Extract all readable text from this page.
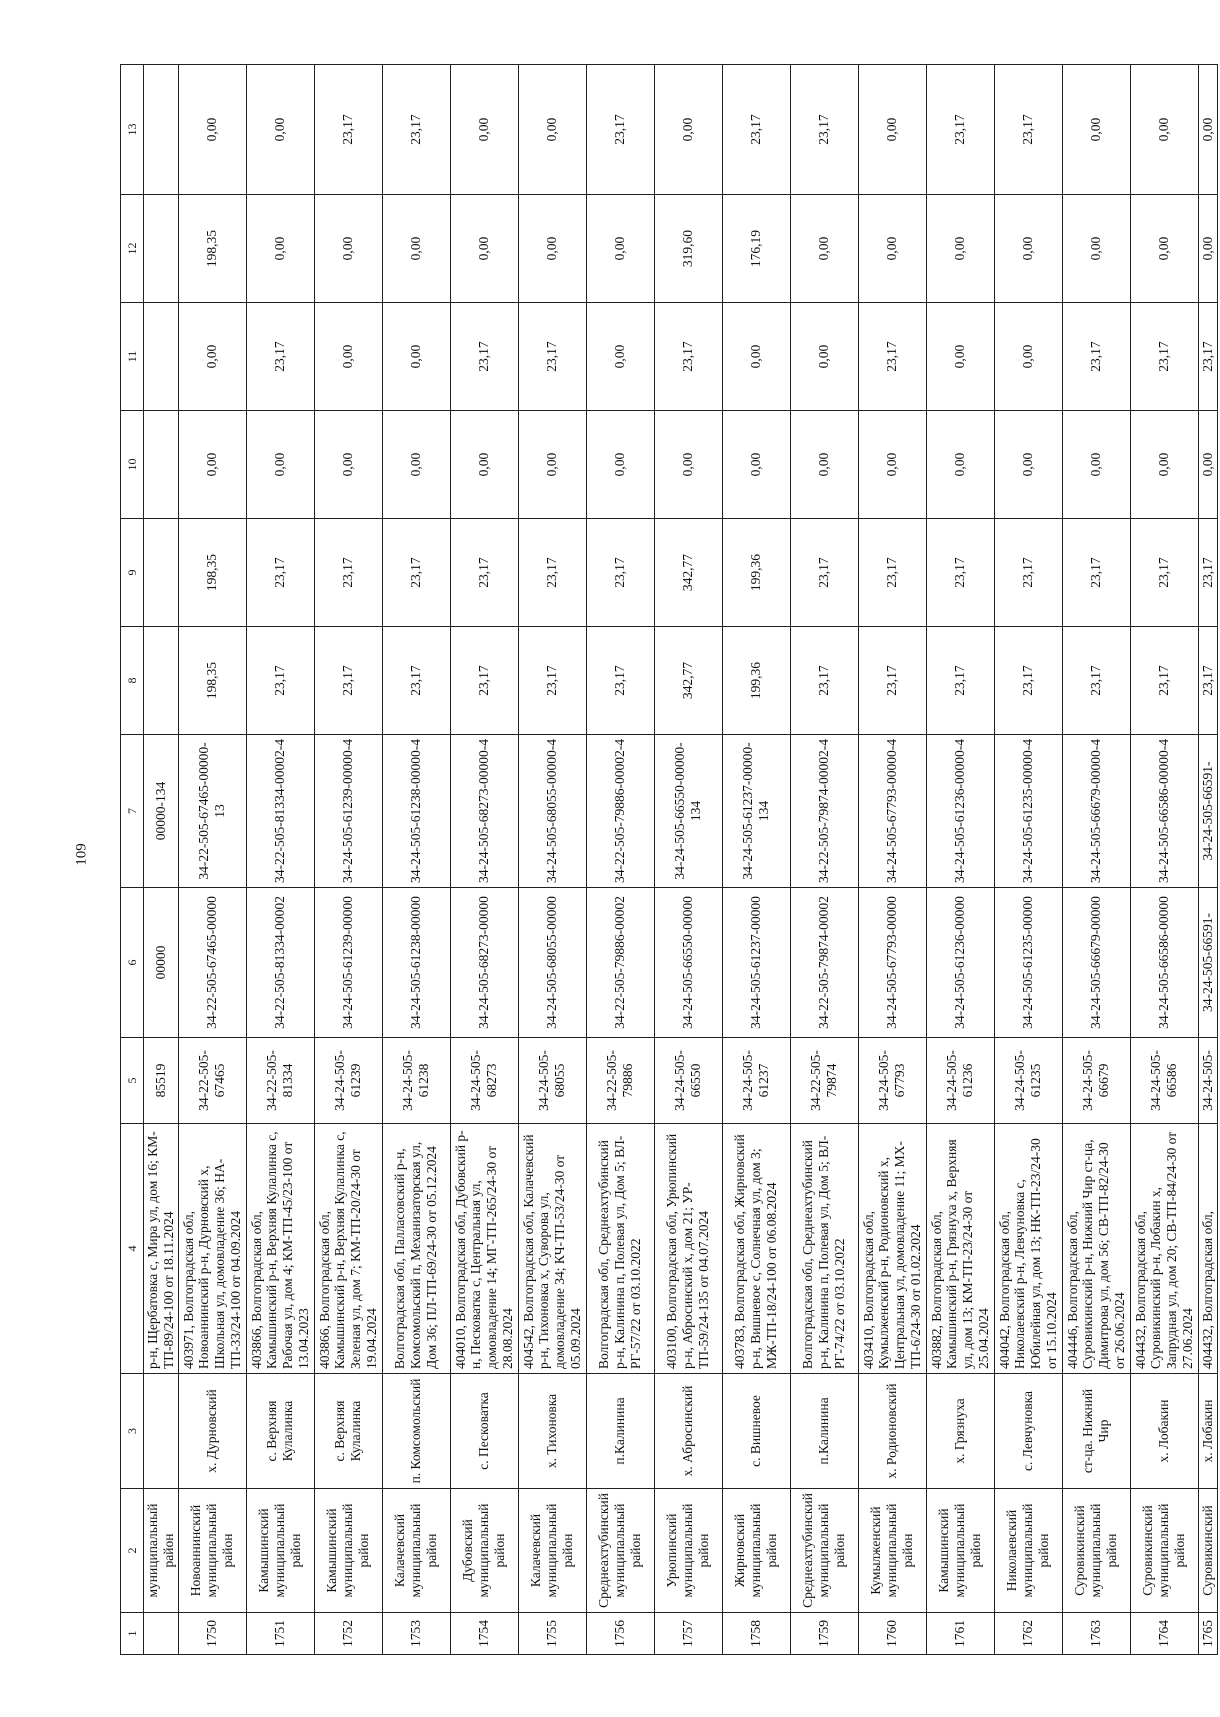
109
1	2	3	4	5	6	7	8	9	10	11	12	13
	муниципальный район		р-н, Щербатовка с, Мира ул, дом 16; КМ-ТП-89/24-100 от 18.11.2024	85519	00000	00000-134						
1750	Новоаннинский муниципальный район	х. Дурновский	403971, Волгоградская обл, Новоаннинский р-н, Дурновский х, Школьная ул, домовладение 36; НА-ТП-33/24-100 от 04.09.2024	34-22-505-67465	34-22-505-67465-00000	34-22-505-67465-00000-13	198,35	198,35	0,00	0,00	198,35	0,00
1751	Камышинский муниципальный район	с. Верхняя Кулалинка	403866, Волгоградская обл, Камышинский р-н, Верхняя Кулалинка с, Рабочая ул, дом 4; КМ-ТП-45/23-100 от 13.04.2023	34-22-505-81334	34-22-505-81334-00002	34-22-505-81334-00002-4	23,17	23,17	0,00	23,17	0,00	0,00
1752	Камышинский муниципальный район	с. Верхняя Кулалинка	403866, Волгоградская обл, Камышинский р-н, Верхняя Кулалинка с, Зеленая ул, дом 7; КМ-ТП-20/24-30 от 19.04.2024	34-24-505-61239	34-24-505-61239-00000	34-24-505-61239-00000-4	23,17	23,17	0,00	0,00	0,00	23,17
1753	Калачевский муниципальный район	п. Комсомольский	Волгоградская обл, Палласовский р-н, Комсомольский п, Механизаторская ул, Дом 36; ПЛ-ТП-69/24-30 от 05.12.2024	34-24-505-61238	34-24-505-61238-00000	34-24-505-61238-00000-4	23,17	23,17	0,00	0,00	0,00	23,17
1754	Дубовский муниципальный район	с. Песковатка	404010, Волгоградская обл, Дубовский р-н, Песковатка с, Центральная ул, домовладение 14; МГ-ТП-265/24-30 от 28.08.2024	34-24-505-68273	34-24-505-68273-00000	34-24-505-68273-00000-4	23,17	23,17	0,00	23,17	0,00	0,00
1755	Калачевский муниципальный район	х. Тихоновка	404542, Волгоградская обл, Калачевский р-н, Тихоновка х, Суворова ул, домовладение 34; КЧ-ТП-53/24-30 от 05.09.2024	34-24-505-68055	34-24-505-68055-00000	34-24-505-68055-00000-4	23,17	23,17	0,00	23,17	0,00	0,00
1756	Среднеахтубинский муниципальный район	п.Калинина	Волгоградская обл, Среднеахтубинский р-н, Калинина п, Полевая ул, Дом 5; ВЛ-РГ-57/22 от 03.10.2022	34-22-505-79886	34-22-505-79886-00002	34-22-505-79886-00002-4	23,17	23,17	0,00	0,00	0,00	23,17
1757	Урюпинский муниципальный район	х. Абросинский	403100, Волгоградская обл, Урюпинский р-н, Абросинский х, дом 21; УР-ТП-59/24-135 от 04.07.2024	34-24-505-66550	34-24-505-66550-00000	34-24-505-66550-00000-134	342,77	342,77	0,00	23,17	319,60	0,00
1758	Жирновский муниципальный район	с. Вишневое	403783, Волгоградская обл, Жирновский р-н, Вишневое с, Солнечная ул, дом 3; МЖ-ТП-18/24-100 от 06.08.2024	34-24-505-61237	34-24-505-61237-00000	34-24-505-61237-00000-134	199,36	199,36	0,00	0,00	176,19	23,17
1759	Среднеахтубинский муниципальный район	п.Калинина	Волгоградская обл, Среднеахтубинский р-н, Калинина п, Полевая ул, Дом 5; ВЛ-РГ-74/22 от 03.10.2022	34-22-505-79874	34-22-505-79874-00002	34-22-505-79874-00002-4	23,17	23,17	0,00	0,00	0,00	23,17
1760	Кумылженский муниципальный район	х. Родионовский	403410, Волгоградская обл, Кумылженский р-н, Родионовский х, Центральная ул, домовладение 11; МХ-ТП-6/24-30 от 01.02.2024	34-24-505-67793	34-24-505-67793-00000	34-24-505-67793-00000-4	23,17	23,17	0,00	23,17	0,00	0,00
1761	Камышинский муниципальный район	х. Грязнуха	403882, Волгоградская обл, Камышинский р-н, Грязнуха х, Верхняя ул, дом 13; КМ-ТП-23/24-30 от 25.04.2024	34-24-505-61236	34-24-505-61236-00000	34-24-505-61236-00000-4	23,17	23,17	0,00	0,00	0,00	23,17
1762	Николаевский муниципальный район	с. Левчуновка	404042, Волгоградская обл, Николаевский р-н, Левчуновка с, Юбилейная ул, дом 13; НК-ТП-23/24-30 от 15.10.2024	34-24-505-61235	34-24-505-61235-00000	34-24-505-61235-00000-4	23,17	23,17	0,00	0,00	0,00	23,17
1763	Суровикинский муниципальный район	ст-ца. Нижний Чир	404446, Волгоградская обл, Суровикинский р-н, Нижний Чир ст-ца, Димитрова ул, дом 56; СВ-ТП-82/24-30 от 26.06.2024	34-24-505-66679	34-24-505-66679-00000	34-24-505-66679-00000-4	23,17	23,17	0,00	23,17	0,00	0,00
1764	Суровикинский муниципальный район	х. Лобакин	404432, Волгоградская обл, Суровикинский р-н, Лобакин х, Запрудная ул, дом 20; СВ-ТП-84/24-30 от 27.06.2024	34-24-505-66586	34-24-505-66586-00000	34-24-505-66586-00000-4	23,17	23,17	0,00	23,17	0,00	0,00
1765	Суровикинский	х. Лобакин	404432, Волгоградская обл,	34-24-505-	34-24-505-66591-	34-24-505-66591-	23,17	23,17	0,00	23,17	0,00	0,00
